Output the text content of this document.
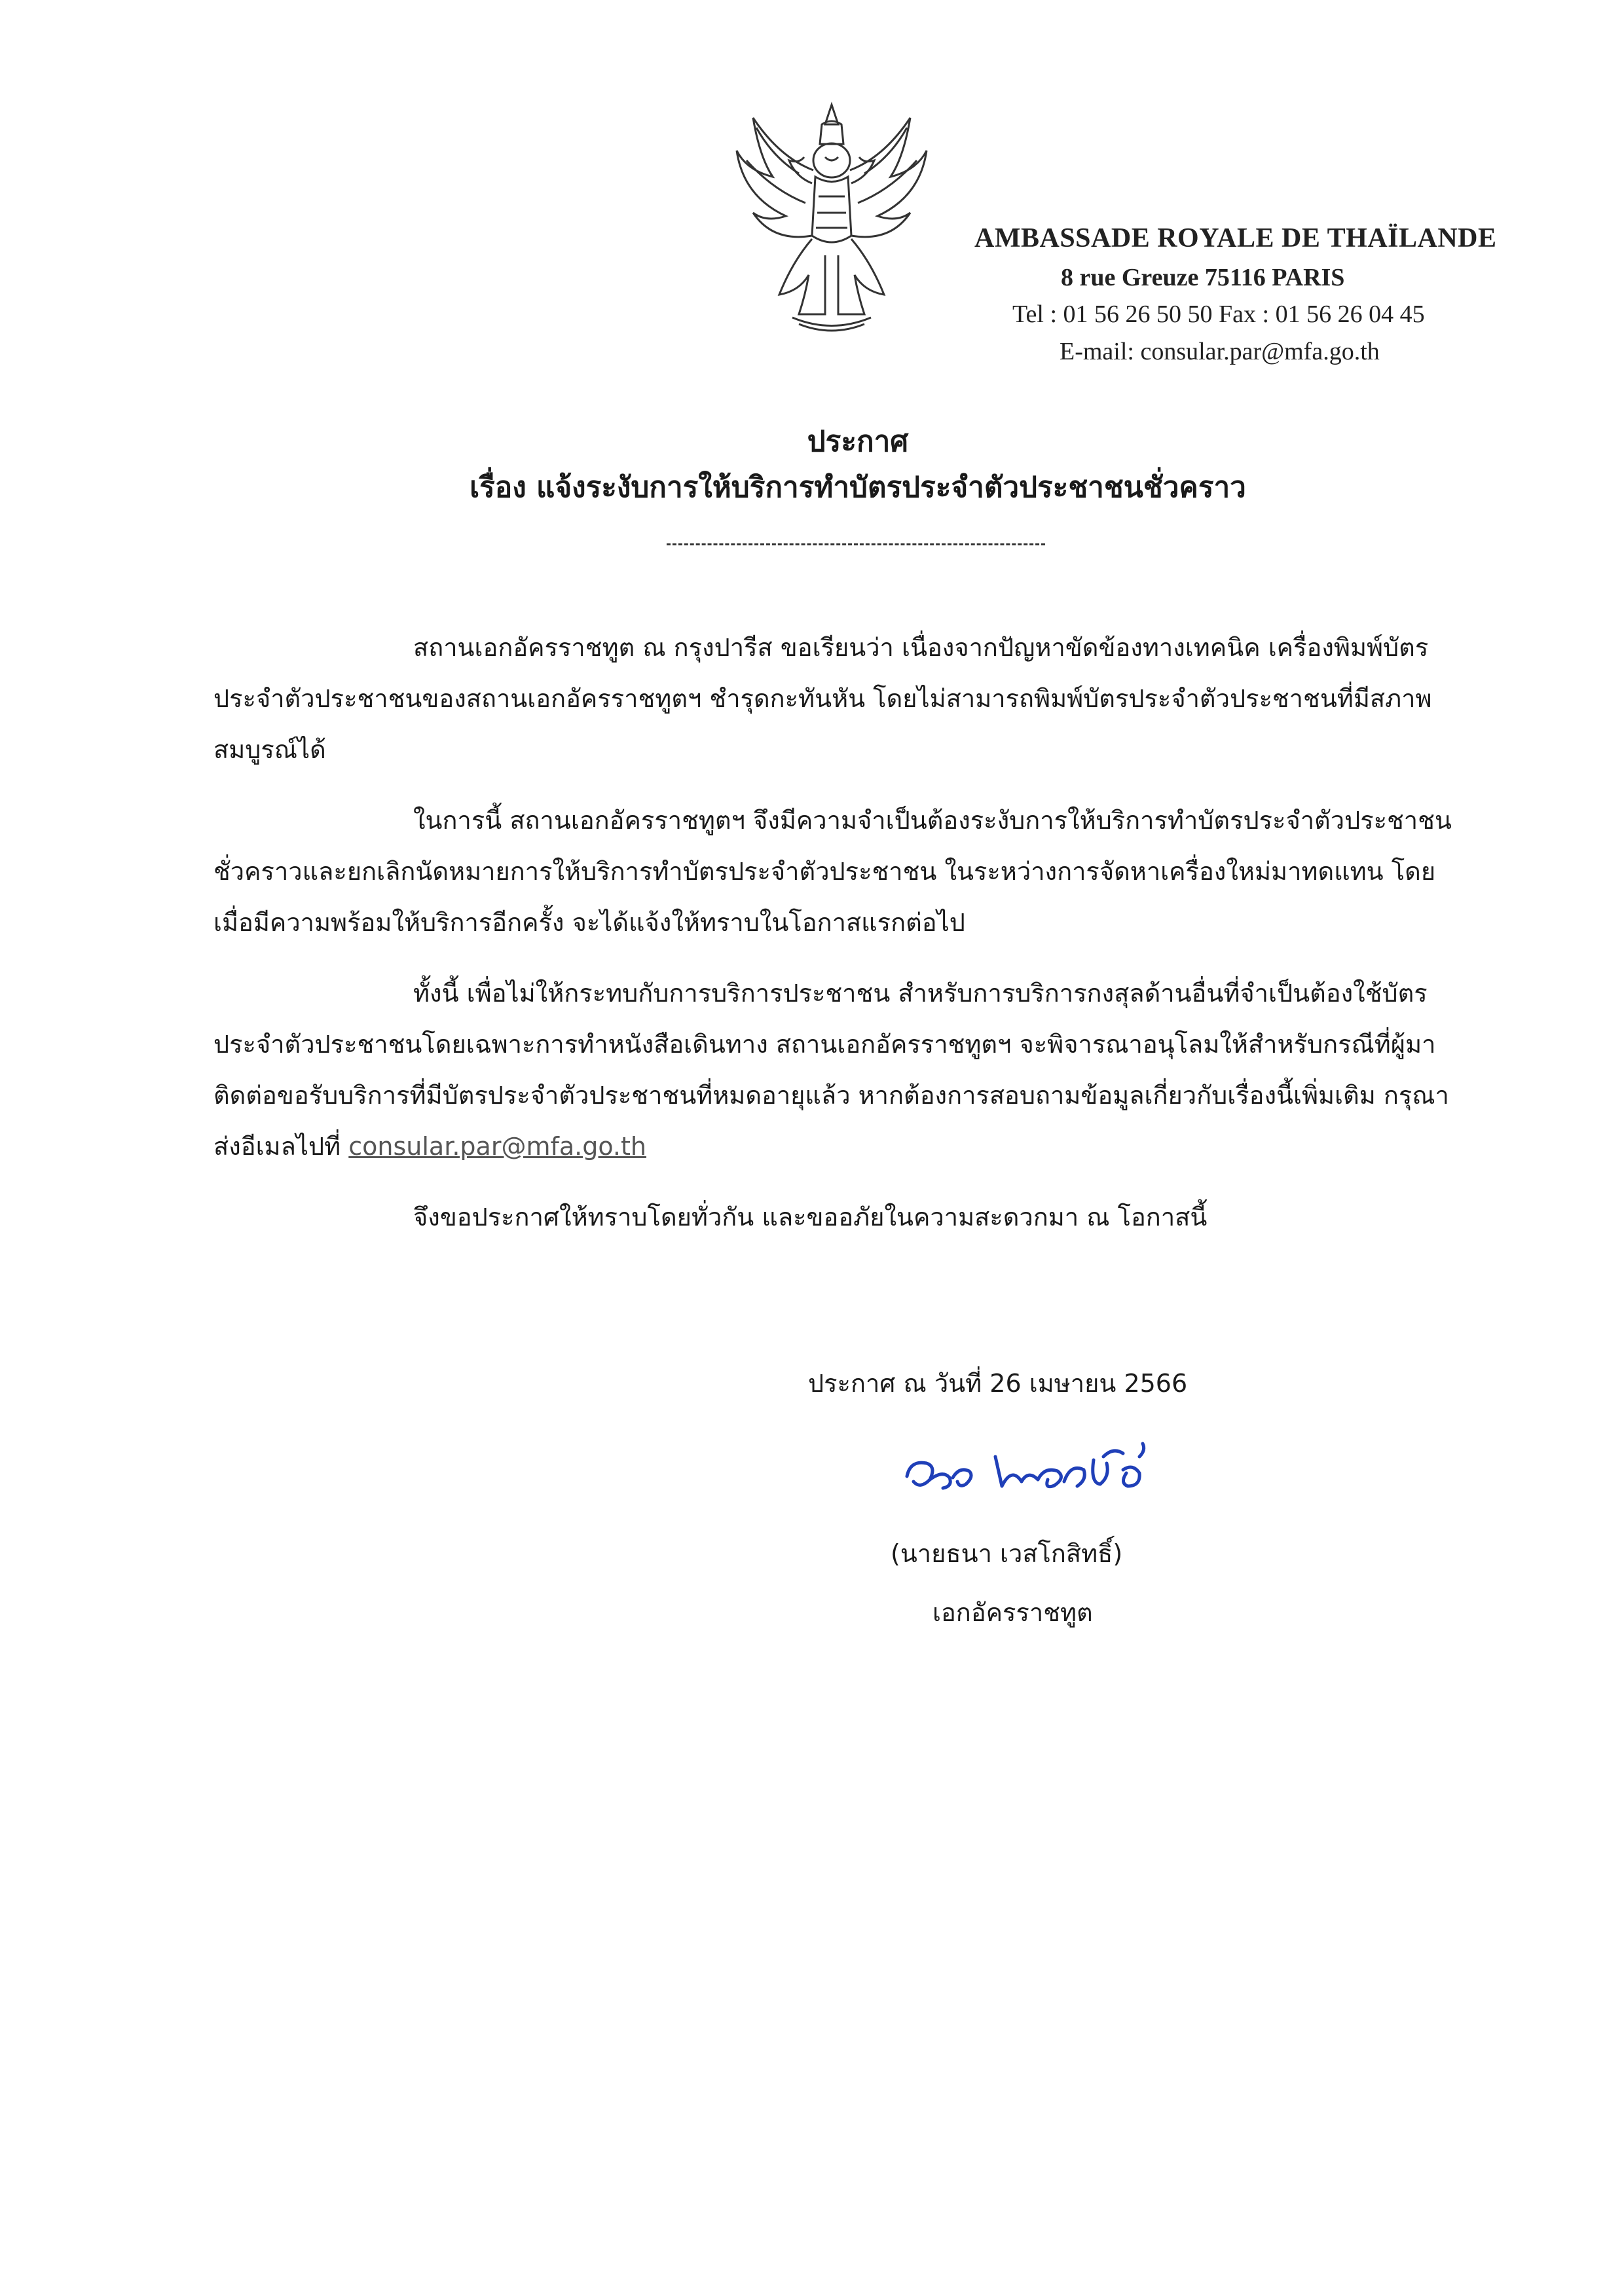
AMBASSADE ROYALE DE THAÏLANDE
8 rue Greuze 75116 PARIS
Tel : 01 56 26 50 50 Fax : 01 56 26 04 45
E-mail: consular.par@mfa.go.th
ประกาศ
เรื่อง แจ้งระงับการให้บริการทำบัตรประจำตัวประชาชนชั่วคราว

สถานเอกอัครราชทูต ณ กรุงปารีส ขอเรียนว่า เนื่องจากปัญหาขัดข้องทางเทคนิค เครื่องพิมพ์บัตรประจำตัวประชาชนของสถานเอกอัครราชทูตฯ ชำรุดกะทันหัน โดยไม่สามารถพิมพ์บัตรประจำตัวประชาชนที่มีสภาพสมบูรณ์ได้

ในการนี้ สถานเอกอัครราชทูตฯ จึงมีความจำเป็นต้องระงับการให้บริการทำบัตรประจำตัวประชาชนชั่วคราวและยกเลิกนัดหมายการให้บริการทำบัตรประจำตัวประชาชน ในระหว่างการจัดหาเครื่องใหม่มาทดแทน โดยเมื่อมีความพร้อมให้บริการอีกครั้ง จะได้แจ้งให้ทราบในโอกาสแรกต่อไป

ทั้งนี้ เพื่อไม่ให้กระทบกับการบริการประชาชน สำหรับการบริการกงสุลด้านอื่นที่จำเป็นต้องใช้บัตรประจำตัวประชาชนโดยเฉพาะการทำหนังสือเดินทาง สถานเอกอัครราชทูตฯ จะพิจารณาอนุโลมให้สำหรับกรณีที่ผู้มาติดต่อขอรับบริการที่มีบัตรประจำตัวประชาชนที่หมดอายุแล้ว หากต้องการสอบถามข้อมูลเกี่ยวกับเรื่องนี้เพิ่มเติม กรุณาส่งอีเมลไปที่ consular.par@mfa.go.th

จึงขอประกาศให้ทราบโดยทั่วกัน และขออภัยในความสะดวกมา ณ โอกาสนี้

ประกาศ ณ วันที่ 26 เมษายน 2566
(นายธนา เวสโกสิทธิ์)
เอกอัครราชทูต
